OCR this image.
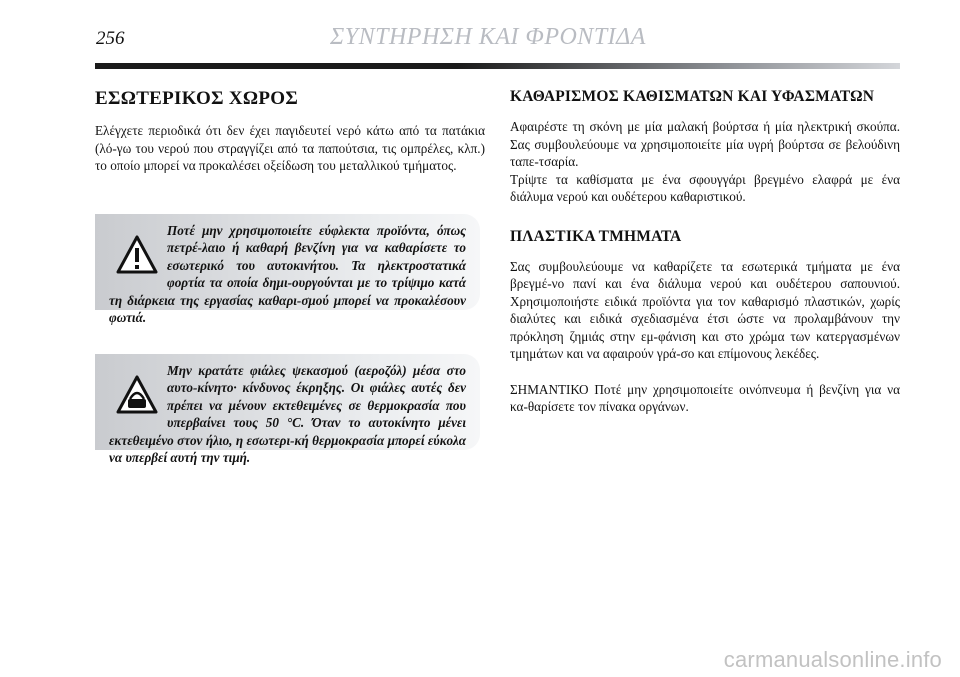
256	ΣΥΝΤΗΡΗΣΗ ΚΑΙ ΦΡΟΝΤΙΔΑ
ΕΣΩΤΕΡΙΚΟΣ ΧΩΡΟΣ

Ελέγχετε περιοδικά ότι δεν έχει παγιδευτεί νερό κάτω από τα πατάκια (λό-γω του νερού που στραγγίζει από τα παπούτσια, τις ομπρέλες, κλπ.) το οποίο μπορεί να προκαλέσει οξείδωση του μεταλλικού τμήματος.

Ποτέ μην χρησιμοποιείτε εύφλεκτα προϊόντα, όπως πετρέ-λαιο ή καθαρή βενζίνη για να καθαρίσετε το εσωτερικό του αυτοκινήτου. Τα ηλεκτροστατικά φορτία τα οποία δημι-ουργούνται με το τρίψιμο κατά τη διάρκεια της εργασίας καθαρι-σμού μπορεί να προκαλέσουν φωτιά.

Μην κρατάτε φιάλες ψεκασμού (αεροζόλ) μέσα στο αυτο-κίνητο· κίνδυνος έκρηξης. Οι φιάλες αυτές δεν πρέπει να μένουν εκτεθειμένες σε θερμοκρασία που υπερβαίνει τους 50 °C. Όταν το αυτοκίνητο μένει εκτεθειμένο στον ήλιο, η εσωτερι-κή θερμοκρασία μπορεί εύκολα να υπερβεί αυτή την τιμή.

ΚΑΘΑΡΙΣΜΟΣ ΚΑΘΙΣΜΑΤΩΝ ΚΑΙ ΥΦΑΣΜΑΤΩΝ

Αφαιρέστε τη σκόνη με μία μαλακή βούρτσα ή μία ηλεκτρική σκούπα. Σας συμβουλεύουμε να χρησιμοποιείτε μία υγρή βούρτσα σε βελούδινη ταπε-τσαρία.

Τρίψτε τα καθίσματα με ένα σφουγγάρι βρεγμένο ελαφρά με ένα διάλυμα νερού και ουδέτερου καθαριστικού.

ΠΛΑΣΤΙΚΑ ΤΜΗΜΑΤΑ

Σας συμβουλεύουμε να καθαρίζετε τα εσωτερικά τμήματα με ένα βρεγμέ-νο πανί και ένα διάλυμα νερού και ουδέτερου σαπουνιού. Χρησιμοποιήστε ειδικά προϊόντα για τον καθαρισμό πλαστικών, χωρίς διαλύτες και ειδικά σχεδιασμένα έτσι ώστε να προλαμβάνουν την πρόκληση ζημιάς στην εμ-φάνιση και στο χρώμα των κατεργασμένων τμημάτων και να αφαιρούν γρά-σο και επίμονους λεκέδες.

ΣΗΜΑΝΤΙΚΟ Ποτέ μην χρησιμοποιείτε οινόπνευμα ή βενζίνη για να κα-θαρίσετε τον πίνακα οργάνων.

carmanualsonline.info
